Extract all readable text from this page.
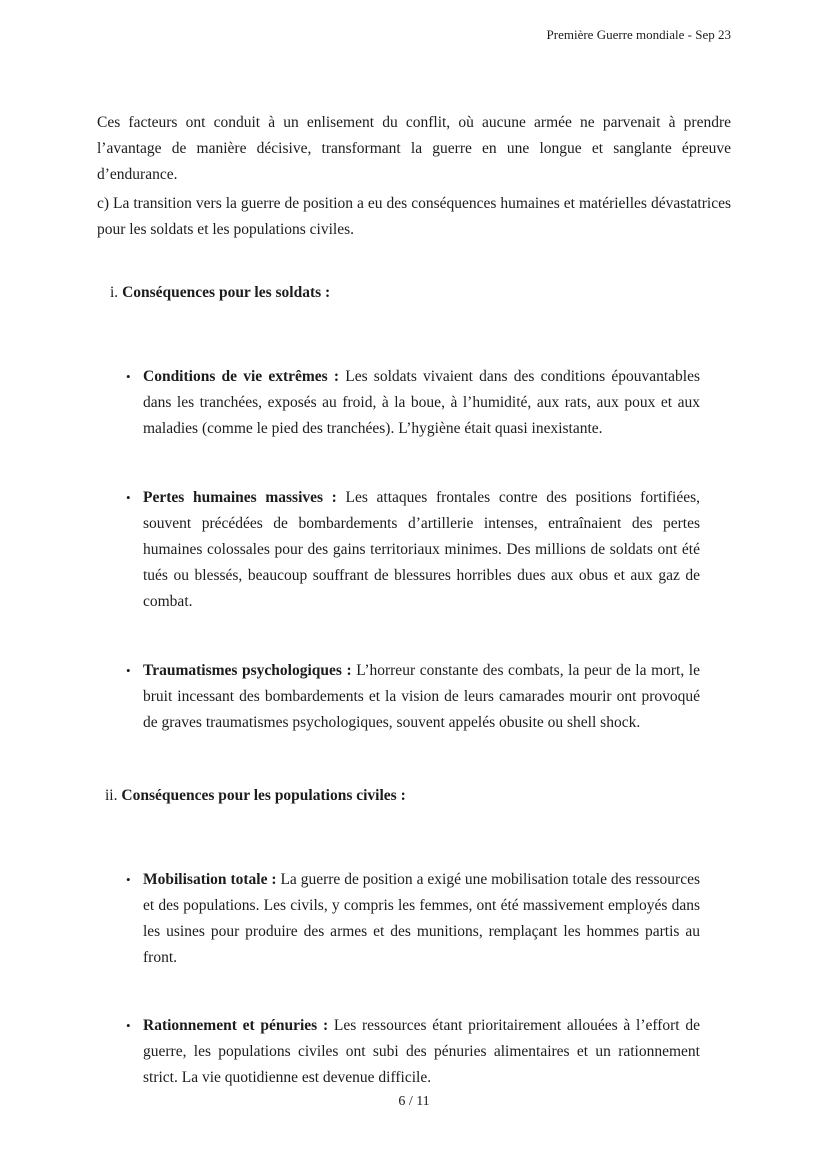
Première Guerre mondiale - Sep 23

Ces facteurs ont conduit à un enlisement du conflit, où aucune armée ne parvenait à prendre l’avantage de manière décisive, transformant la guerre en une longue et sanglante épreuve d’endurance.

c) La transition vers la guerre de position a eu des conséquences humaines et matérielles dévastatrices pour les soldats et les populations civiles.

i. Conséquences pour les soldats :
• Conditions de vie extrêmes : Les soldats vivaient dans des conditions épouvantables dans les tranchées, exposés au froid, à la boue, à l’humidité, aux rats, aux poux et aux maladies (comme le pied des tranchées). L’hygiène était quasi inexistante.
• Pertes humaines massives : Les attaques frontales contre des positions fortifiées, souvent précédées de bombardements d’artillerie intenses, entraînaient des pertes humaines colossales pour des gains territoriaux minimes. Des millions de soldats ont été tués ou blessés, beaucoup souffrant de blessures horribles dues aux obus et aux gaz de combat.
• Traumatismes psychologiques : L’horreur constante des combats, la peur de la mort, le bruit incessant des bombardements et la vision de leurs camarades mourir ont provoqué de graves traumatismes psychologiques, souvent appelés obusite ou shell shock.
ii. Conséquences pour les populations civiles :
• Mobilisation totale : La guerre de position a exigé une mobilisation totale des ressources et des populations. Les civils, y compris les femmes, ont été massivement employés dans les usines pour produire des armes et des munitions, remplaçant les hommes partis au front.
• Rationnement et pénuries : Les ressources étant prioritairement allouées à l’effort de guerre, les populations civiles ont subi des pénuries alimentaires et un rationnement strict. La vie quotidienne est devenue difficile.
6 / 11
